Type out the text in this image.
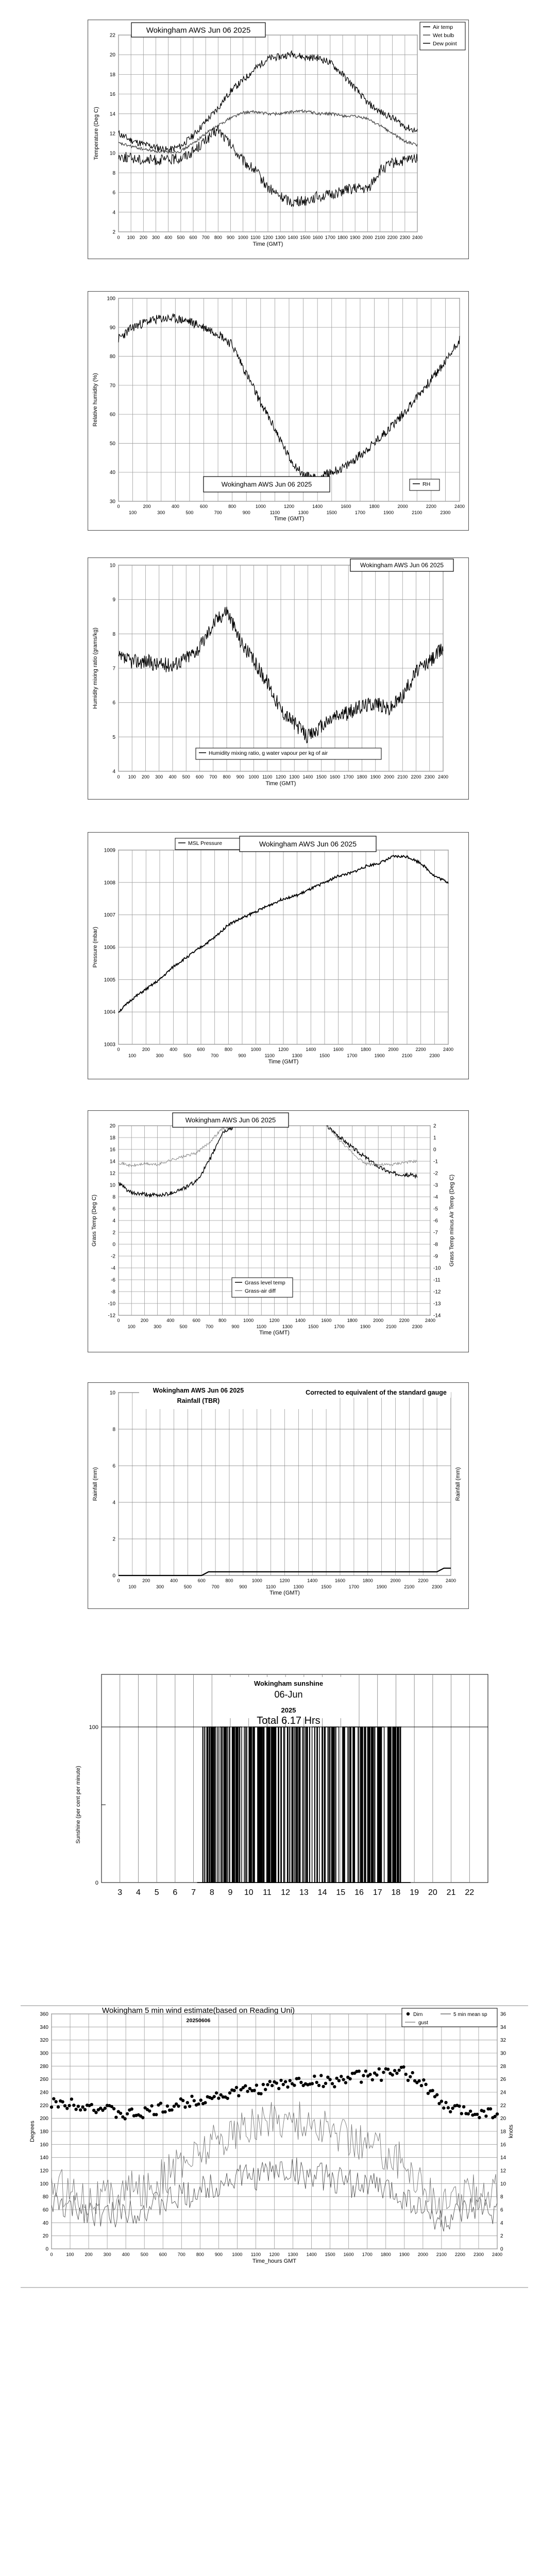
2
4
6
8
10
12
14
16
18
20
22
0 100 200 300 400 500 600 700 800 900 1000 1100 1200 1300 1400 1500 1600 1700 1800 1900 2000 2100 2200 2300 2400
Time (GMT)
Temperature (Deg C)
Wokingham AWS Jun 06 2025	Air temp
Wet bulb
Dew point
30
40
50
60
70
80
90
100
0	200	400	600	800	1000	1200	1400	1600	1800	2000	2200	2400
100	300	500	700	900	1100	1300	1500	1700	1900	2100	2300
Time (GMT)
Relative humidity (%)
Wokingham AWS Jun 06 2025	RH
4
5
6
7
8
9
10
0 100 200 300 400 500 600 700 800 900 1000 1100 1200 1300 1400 1500 1600 1700 1800 1900 2000 2100 2200 2300 2400
Time (GMT)
Humidity mixing ratio (grams/kg)
Wokingham AWS Jun 06 2025
Humidity mixing ratio, g water vapour per kg of air
1003
1004
1005
1006
1007
1008
1009
0	200	400	600	800	1000	1200	1400	1600	1800	2000	2200	2400
100	300	500	700	900	1100	1300	1500	1700	1900	2100	2300
Time (GMT)
Pressure (mbar)
Wokingham AWS Jun 06 2025
MSL Pressure
-12
-10
-8
-6
-4
-2
0
2
4
6
8
10
12
14
16
18
20
-14
-13
-12
-11
-10
-9
-8
-7
-6
-5
-4
-3
-2
-1
0
1
2
0	200	400	600	800	1000	1200	1400	1600	1800	2000	2200	2400
100	300	500	700	900	1100	1300	1500	1700	1900	2100	2300
Time (GMT)
Grass Temp (Deg C)	Grass Temp minus Air Temp (Deg C)
Wokingham AWS Jun 06 2025
Grass level temp
Grass-air diff
0
2
4
6
8
10
0	200	400	600	800	1000	1200	1400	1600	1800	2000	2200	2400
100	300	500	700	900	1100	1300	1500	1700	1900	2100	2300
Time (GMT)
Rainfall (mm)	Rainfall (mm)
Wokingham AWS Jun 06 2025
Rainfall (TBR)
Corrected to equivalent of the standard gauge
0
100
3 4 5 6 7 8 9 10 11 12 13 14 15 16 17 18 19 20 21 22
Sunshine (per cent per minute)
Wokingham sunshine
06-Jun
2025
Total 6.17 Hrs
0
20
40
60
80
100
120
140
160
180
200
220
240
260
280
300
320
340
360
0
2
4
6
8
10
12
14
16
18
20
22
24
26
28
30
32
34
36
0	100 200 300 400 500 600 700 800 900 1000 1100 1200 1300 1400 1500 1600 1700 1800 1900 2000 2100 2200 2300 2400
Time_hours GMT
Degrees	knots
Wokingham 5 min wind estimate(based on Reading Uni)
20250606
Dirn	5 min mean sp
gust
